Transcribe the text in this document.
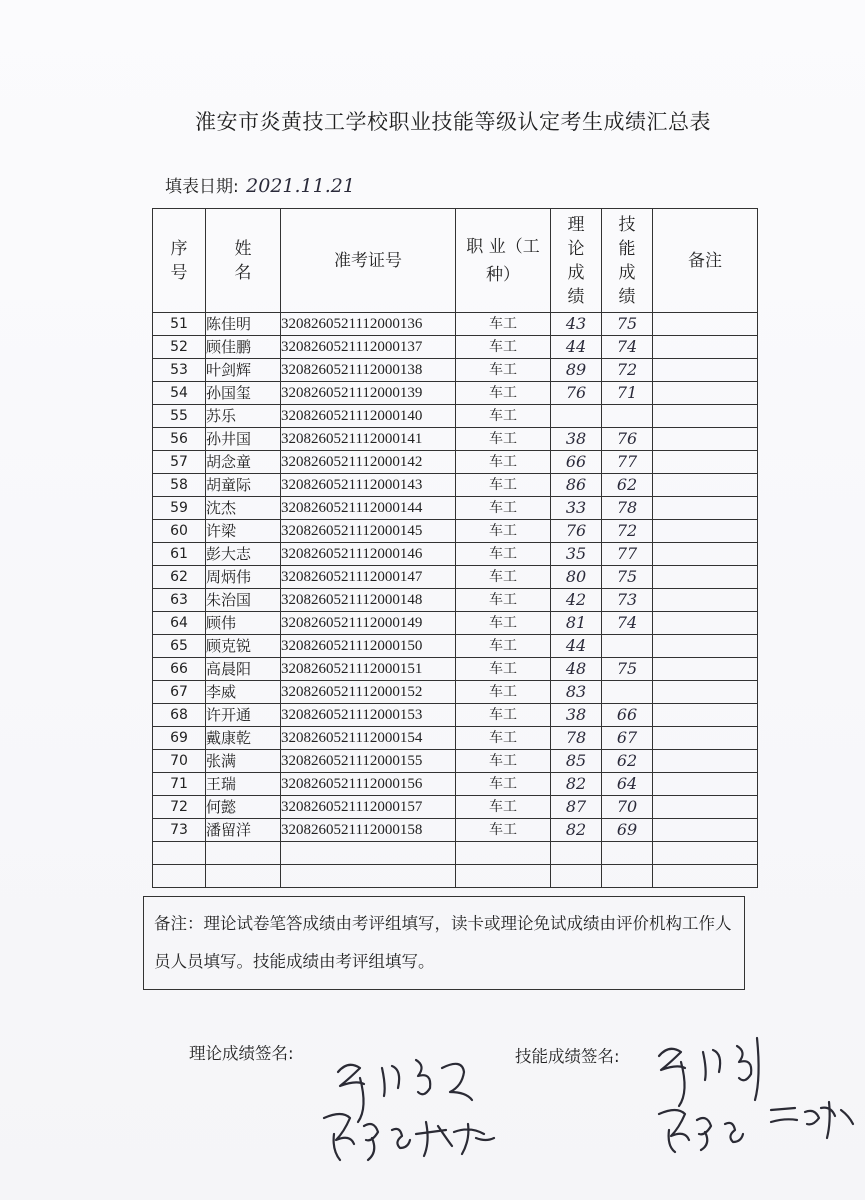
淮安市炎黄技工学校职业技能等级认定考生成绩汇总表
填表日期: 2021.11.21
序号	姓名	准考证号	职 业（工种）	理论成绩	技能成绩	备注
51	陈佳明	3208260521112000136	车工	43	75	
52	顾佳鹏	3208260521112000137	车工	44	74	
53	叶剑辉	3208260521112000138	车工	89	72	
54	孙国玺	3208260521112000139	车工	76	71	
55	苏乐	3208260521112000140	车工			
56	孙井国	3208260521112000141	车工	38	76	
57	胡念童	3208260521112000142	车工	66	77	
58	胡童际	3208260521112000143	车工	86	62	
59	沈杰	3208260521112000144	车工	33	78	
60	许梁	3208260521112000145	车工	76	72	
61	彭大志	3208260521112000146	车工	35	77	
62	周炳伟	3208260521112000147	车工	80	75	
63	朱治国	3208260521112000148	车工	42	73	
64	顾伟	3208260521112000149	车工	81	74	
65	顾克锐	3208260521112000150	车工	44		
66	高晨阳	3208260521112000151	车工	48	75	
67	李威	3208260521112000152	车工	83		
68	许开通	3208260521112000153	车工	38	66	
69	戴康乾	3208260521112000154	车工	78	67	
70	张满	3208260521112000155	车工	85	62	
71	王瑞	3208260521112000156	车工	82	64	
72	何懿	3208260521112000157	车工	87	70	
73	潘留洋	3208260521112000158	车工	82	69	

备注：理论试卷笔答成绩由考评组填写，读卡或理论免试成绩由评价机构工作人员人员填写。技能成绩由考评组填写。
理论成绩签名:	技能成绩签名:
